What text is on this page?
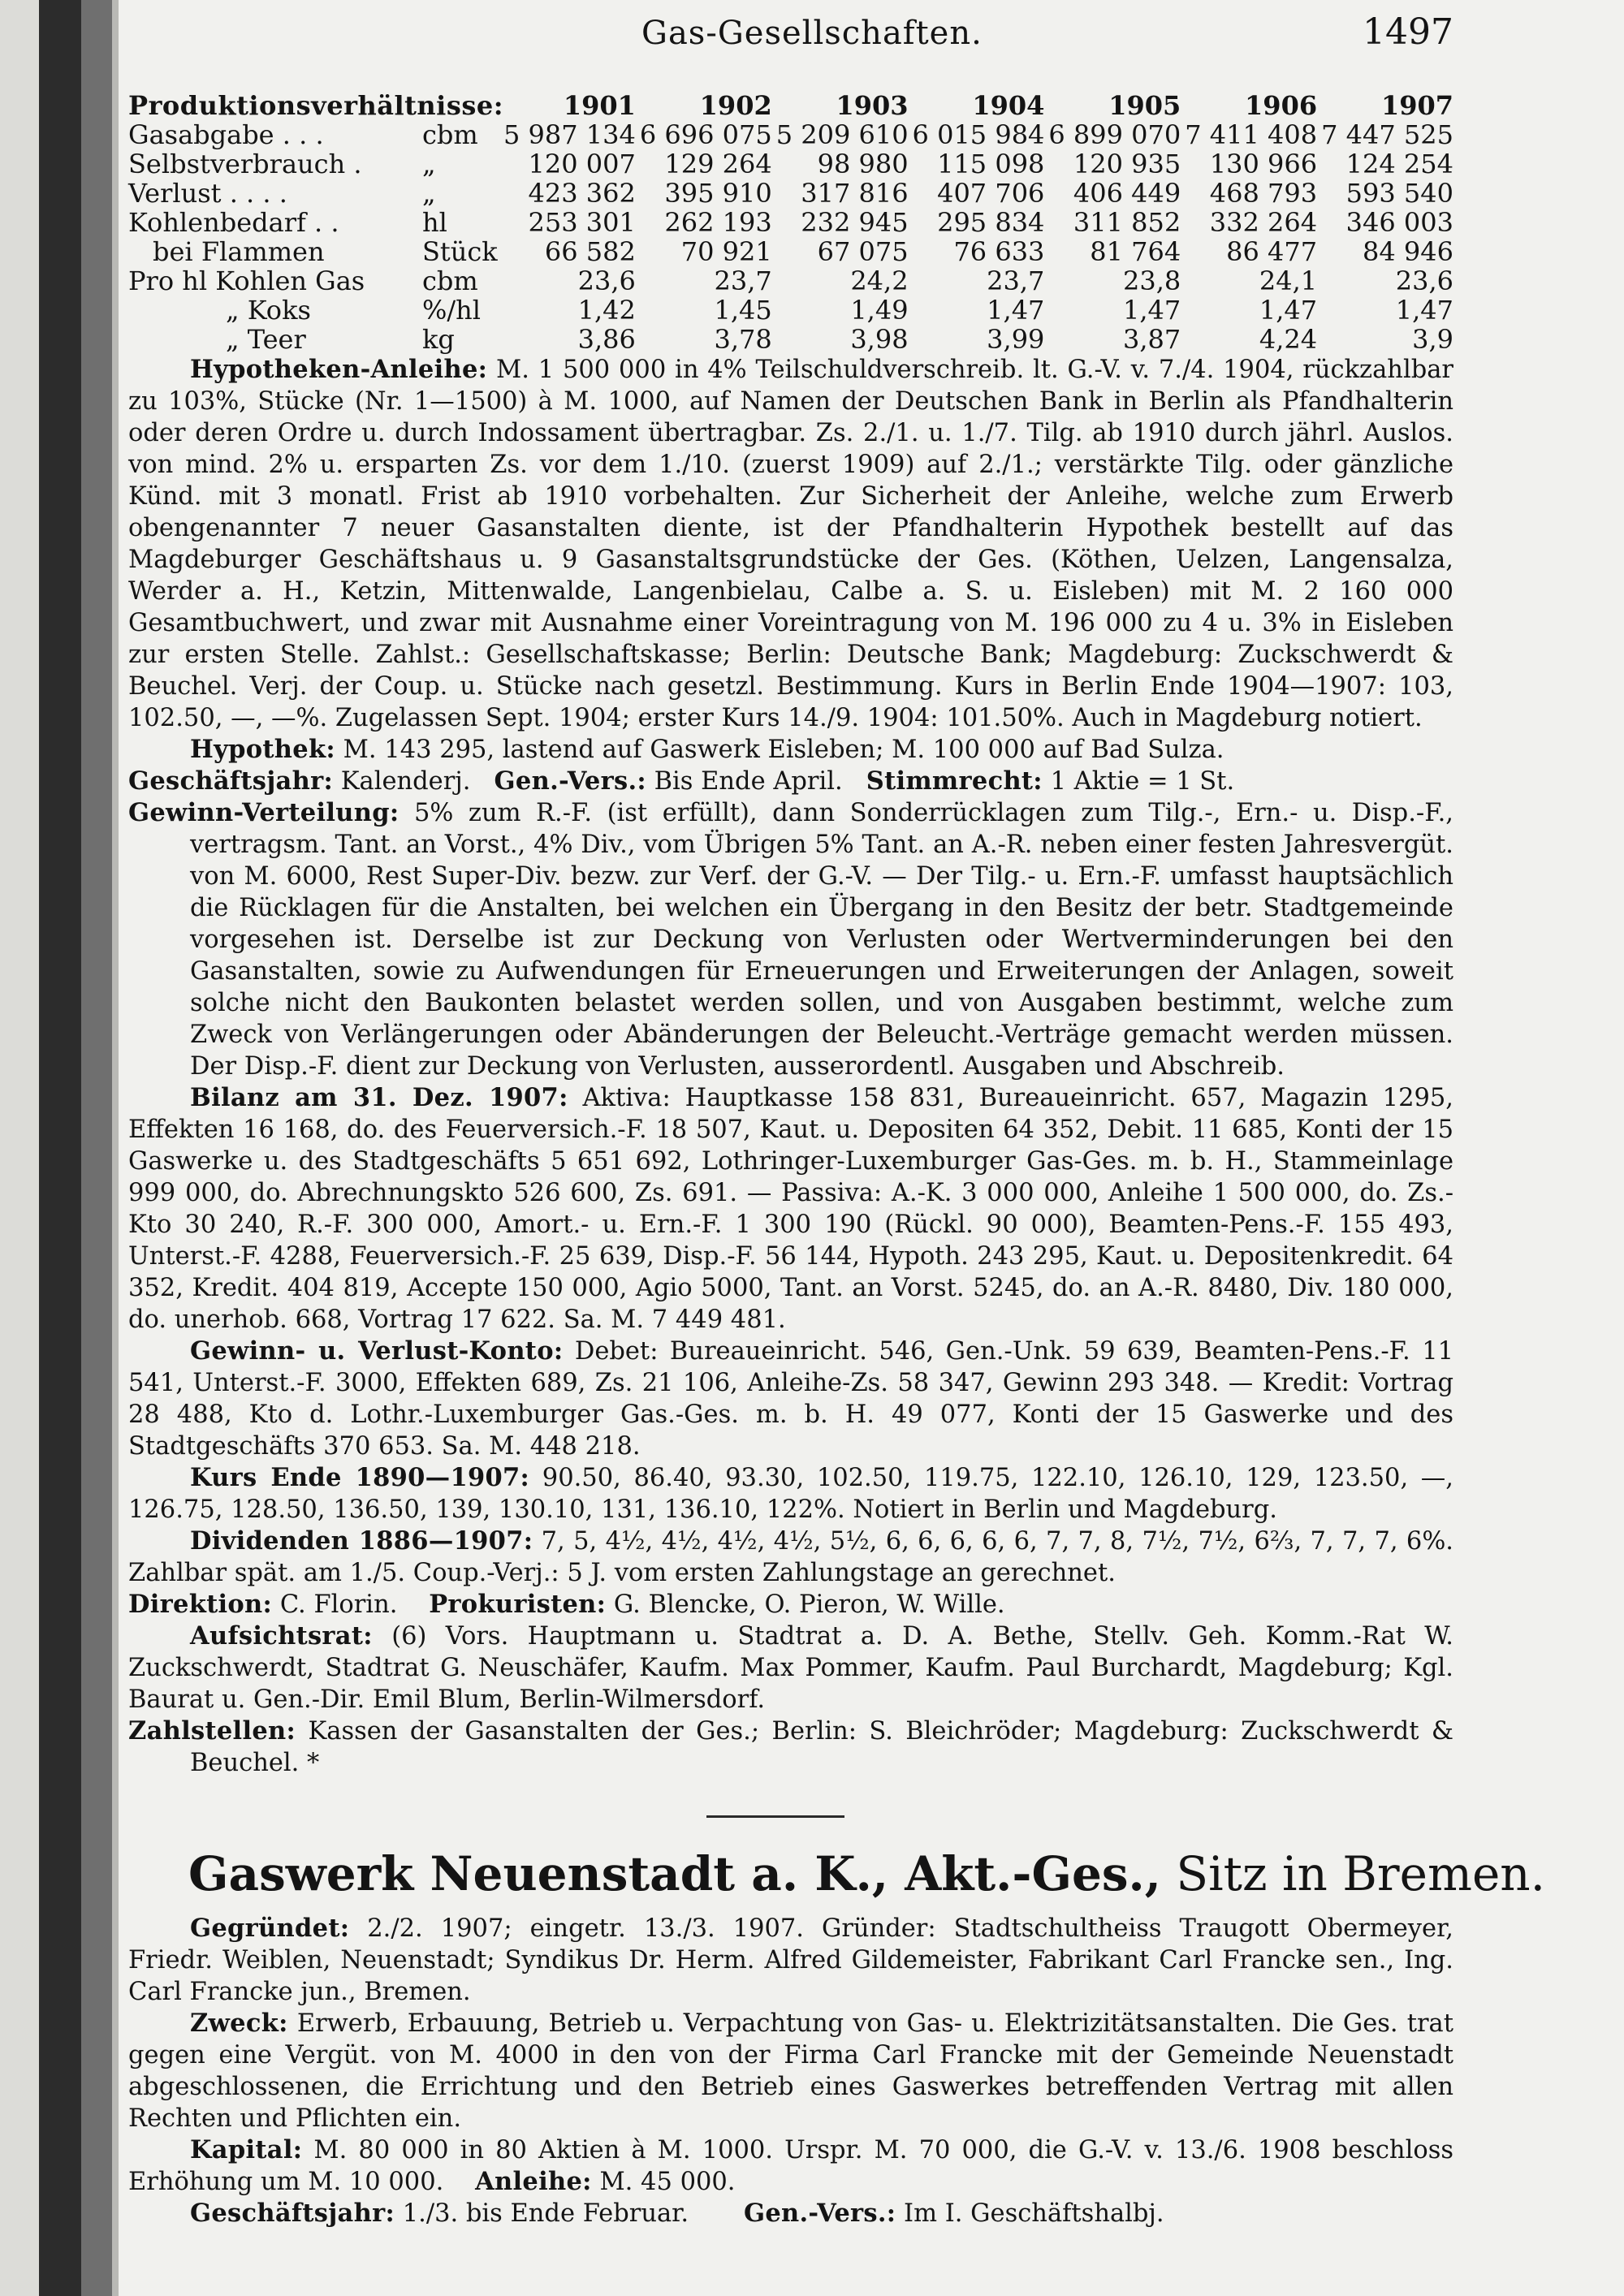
Gas-Gesellschaften.	1497
Produktionsverhältnisse:		1901	1902	1903	1904	1905	1906	1907
Gasabgabe . . .	cbm	5 987 134	6 696 075	5 209 610	6 015 984	6 899 070	7 411 408	7 447 525
Selbstverbrauch .	„	120 007	129 264	98 980	115 098	120 935	130 966	124 254
Verlust . . . .	„	423 362	395 910	317 816	407 706	406 449	468 793	593 540
Kohlenbedarf . .	hl	253 301	262 193	232 945	295 834	311 852	332 264	346 003
bei Flammen	Stück	66 582	70 921	67 075	76 633	81 764	86 477	84 946
Pro hl Kohlen Gas	cbm	23,6	23,7	24,2	23,7	23,8	24,1	23,6
„ Koks	%/hl	1,42	1,45	1,49	1,47	1,47	1,47	1,47
„ Teer	kg	3,86	3,78	3,98	3,99	3,87	4,24	3,9

Hypotheken-Anleihe: M. 1 500 000 in 4% Teilschuldverschreib. lt. G.-V. v. 7./4. 1904, rückzahlbar zu 103%, Stücke (Nr. 1—1500) à M. 1000, auf Namen der Deutschen Bank in Berlin als Pfandhalterin oder deren Ordre u. durch Indossament übertragbar. Zs. 2./1. u. 1./7. Tilg. ab 1910 durch jährl. Auslos. von mind. 2% u. ersparten Zs. vor dem 1./10. (zuerst 1909) auf 2./1.; verstärkte Tilg. oder gänzliche Künd. mit 3 monatl. Frist ab 1910 vorbehalten. Zur Sicherheit der Anleihe, welche zum Erwerb obengenannter 7 neuer Gasanstalten diente, ist der Pfandhalterin Hypothek bestellt auf das Magdeburger Geschäftshaus u. 9 Gasanstaltsgrundstücke der Ges. (Köthen, Uelzen, Langensalza, Werder a. H., Ketzin, Mittenwalde, Langenbielau, Calbe a. S. u. Eisleben) mit M. 2 160 000 Gesamtbuchwert, und zwar mit Ausnahme einer Voreintragung von M. 196 000 zu 4 u. 3% in Eisleben zur ersten Stelle. Zahlst.: Gesellschaftskasse; Berlin: Deutsche Bank; Magdeburg: Zuckschwerdt & Beuchel. Verj. der Coup. u. Stücke nach gesetzl. Bestimmung. Kurs in Berlin Ende 1904—1907: 103, 102.50, —, —%. Zugelassen Sept. 1904; erster Kurs 14./9. 1904: 101.50%. Auch in Magdeburg notiert.

Hypothek: M. 143 295, lastend auf Gaswerk Eisleben; M. 100 000 auf Bad Sulza.

Geschäftsjahr: Kalenderj. Gen.-Vers.: Bis Ende April. Stimmrecht: 1 Aktie = 1 St.

Gewinn-Verteilung: 5% zum R.-F. (ist erfüllt), dann Sonderrücklagen zum Tilg.-, Ern.- u. Disp.-F., vertragsm. Tant. an Vorst., 4% Div., vom Übrigen 5% Tant. an A.-R. neben einer festen Jahresvergüt. von M. 6000, Rest Super-Div. bezw. zur Verf. der G.-V. — Der Tilg.- u. Ern.-F. umfasst hauptsächlich die Rücklagen für die Anstalten, bei welchen ein Übergang in den Besitz der betr. Stadtgemeinde vorgesehen ist. Derselbe ist zur Deckung von Verlusten oder Wertverminderungen bei den Gasanstalten, sowie zu Aufwendungen für Erneuerungen und Erweiterungen der Anlagen, soweit solche nicht den Baukonten belastet werden sollen, und von Ausgaben bestimmt, welche zum Zweck von Verlängerungen oder Abänderungen der Beleucht.-Verträge gemacht werden müssen. Der Disp.-F. dient zur Deckung von Verlusten, ausserordentl. Ausgaben und Abschreib.

Bilanz am 31. Dez. 1907: Aktiva: Hauptkasse 158 831, Bureaueinricht. 657, Magazin 1295, Effekten 16 168, do. des Feuerversich.-F. 18 507, Kaut. u. Depositen 64 352, Debit. 11 685, Konti der 15 Gaswerke u. des Stadtgeschäfts 5 651 692, Lothringer-Luxemburger Gas-Ges. m. b. H., Stammeinlage 999 000, do. Abrechnungskto 526 600, Zs. 691. — Passiva: A.-K. 3 000 000, Anleihe 1 500 000, do. Zs.-Kto 30 240, R.-F. 300 000, Amort.- u. Ern.-F. 1 300 190 (Rückl. 90 000), Beamten-Pens.-F. 155 493, Unterst.-F. 4288, Feuerversich.-F. 25 639, Disp.-F. 56 144, Hypoth. 243 295, Kaut. u. Depositenkredit. 64 352, Kredit. 404 819, Accepte 150 000, Agio 5000, Tant. an Vorst. 5245, do. an A.-R. 8480, Div. 180 000, do. unerhob. 668, Vortrag 17 622. Sa. M. 7 449 481.

Gewinn- u. Verlust-Konto: Debet: Bureaueinricht. 546, Gen.-Unk. 59 639, Beamten-Pens.-F. 11 541, Unterst.-F. 3000, Effekten 689, Zs. 21 106, Anleihe-Zs. 58 347, Gewinn 293 348. — Kredit: Vortrag 28 488, Kto d. Lothr.-Luxemburger Gas.-Ges. m. b. H. 49 077, Konti der 15 Gaswerke und des Stadtgeschäfts 370 653. Sa. M. 448 218.

Kurs Ende 1890—1907: 90.50, 86.40, 93.30, 102.50, 119.75, 122.10, 126.10, 129, 123.50, —, 126.75, 128.50, 136.50, 139, 130.10, 131, 136.10, 122%. Notiert in Berlin und Magdeburg.

Dividenden 1886—1907: 7, 5, 4½, 4½, 4½, 4½, 5½, 6, 6, 6, 6, 6, 7, 7, 8, 7½, 7½, 6⅔, 7, 7, 7, 6%. Zahlbar spät. am 1./5. Coup.-Verj.: 5 J. vom ersten Zahlungstage an gerechnet.

Direktion: C. Florin. Prokuristen: G. Blencke, O. Pieron, W. Wille.

Aufsichtsrat: (6) Vors. Hauptmann u. Stadtrat a. D. A. Bethe, Stellv. Geh. Komm.-Rat W. Zuckschwerdt, Stadtrat G. Neuschäfer, Kaufm. Max Pommer, Kaufm. Paul Burchardt, Magdeburg; Kgl. Baurat u. Gen.-Dir. Emil Blum, Berlin-Wilmersdorf.

Zahlstellen: Kassen der Gasanstalten der Ges.; Berlin: S. Bleichröder; Magdeburg: Zuckschwerdt & Beuchel. *

Gaswerk Neuenstadt a. K., Akt.-Ges., Sitz in Bremen.

Gegründet: 2./2. 1907; eingetr. 13./3. 1907. Gründer: Stadtschultheiss Traugott Obermeyer, Friedr. Weiblen, Neuenstadt; Syndikus Dr. Herm. Alfred Gildemeister, Fabrikant Carl Francke sen., Ing. Carl Francke jun., Bremen.

Zweck: Erwerb, Erbauung, Betrieb u. Verpachtung von Gas- u. Elektrizitätsanstalten. Die Ges. trat gegen eine Vergüt. von M. 4000 in den von der Firma Carl Francke mit der Gemeinde Neuenstadt abgeschlossenen, die Errichtung und den Betrieb eines Gaswerkes betreffenden Vertrag mit allen Rechten und Pflichten ein.

Kapital: M. 80 000 in 80 Aktien à M. 1000. Urspr. M. 70 000, die G.-V. v. 13./6. 1908 beschloss Erhöhung um M. 10 000. Anleihe: M. 45 000.

Geschäftsjahr: 1./3. bis Ende Februar. Gen.-Vers.: Im I. Geschäftshalbj.
